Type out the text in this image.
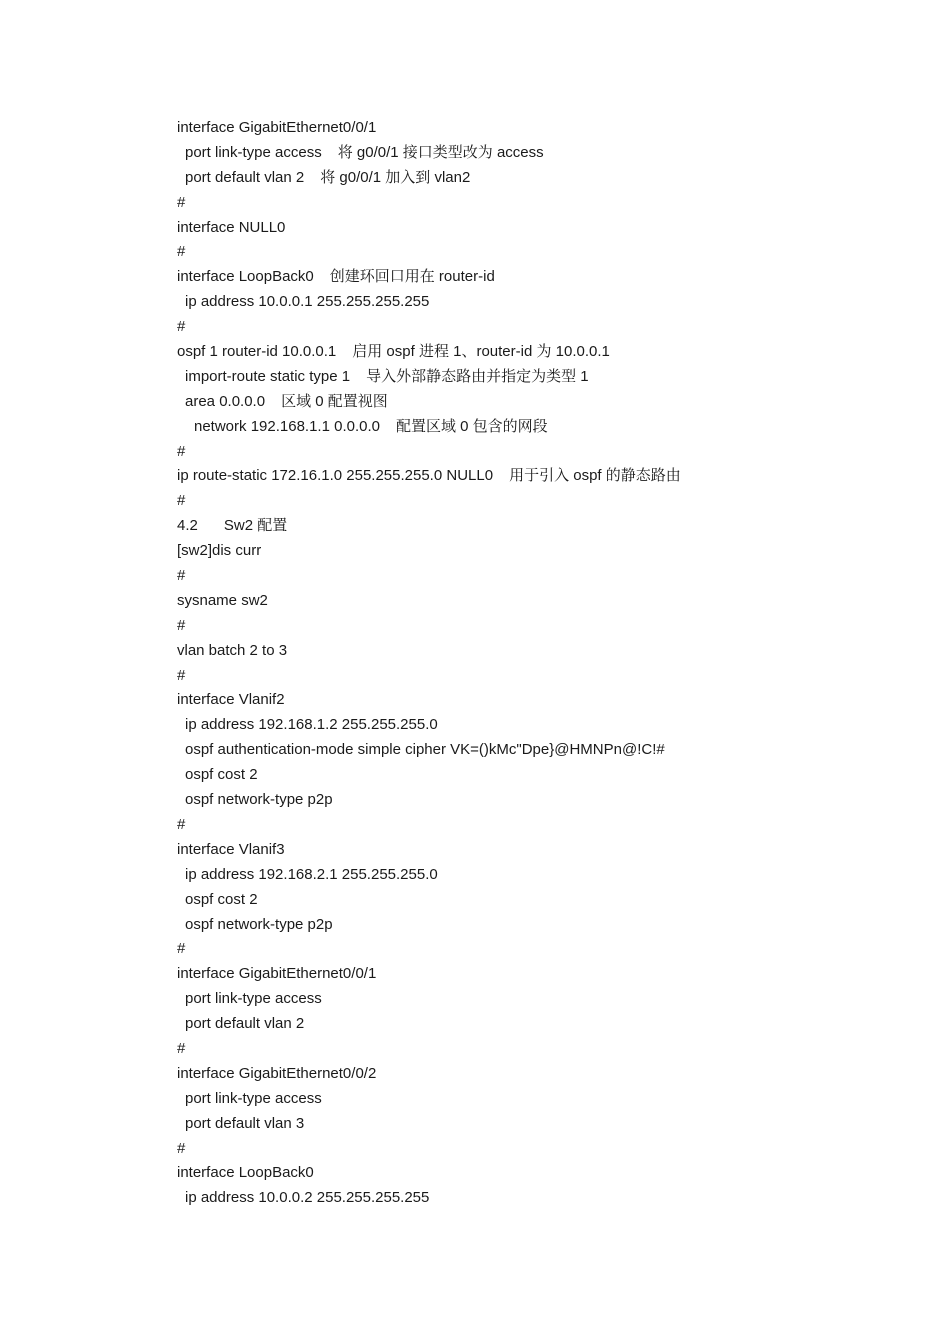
interface GigabitEthernet0/0/1
port link-type access 将 g0/0/1 接口类型改为 access
port default vlan 2 将 g0/0/1 加入到 vlan2
#
interface NULL0
#
interface LoopBack0 创建环回口用在 router-id
ip address 10.0.0.1 255.255.255.255
#
ospf 1 router-id 10.0.0.1 启用 ospf 进程 1、router-id 为 10.0.0.1
import-route static type 1 导入外部静态路由并指定为类型 1
area 0.0.0.0 区域 0 配置视图
network 192.168.1.1 0.0.0.0 配置区域 0 包含的网段
#
ip route-static 172.16.1.0 255.255.255.0 NULL0 用于引入 ospf 的静态路由
#
4.2 Sw2 配置
[sw2]dis curr
#
sysname sw2
#
vlan batch 2 to 3
#
interface Vlanif2
ip address 192.168.1.2 255.255.255.0
ospf authentication-mode simple cipher VK=()kMc"Dpe}@HMNPn@!C!#
ospf cost 2
ospf network-type p2p
#
interface Vlanif3
ip address 192.168.2.1 255.255.255.0
ospf cost 2
ospf network-type p2p
#
interface GigabitEthernet0/0/1
port link-type access
port default vlan 2
#
interface GigabitEthernet0/0/2
port link-type access
port default vlan 3
#
interface LoopBack0
ip address 10.0.0.2 255.255.255.255
